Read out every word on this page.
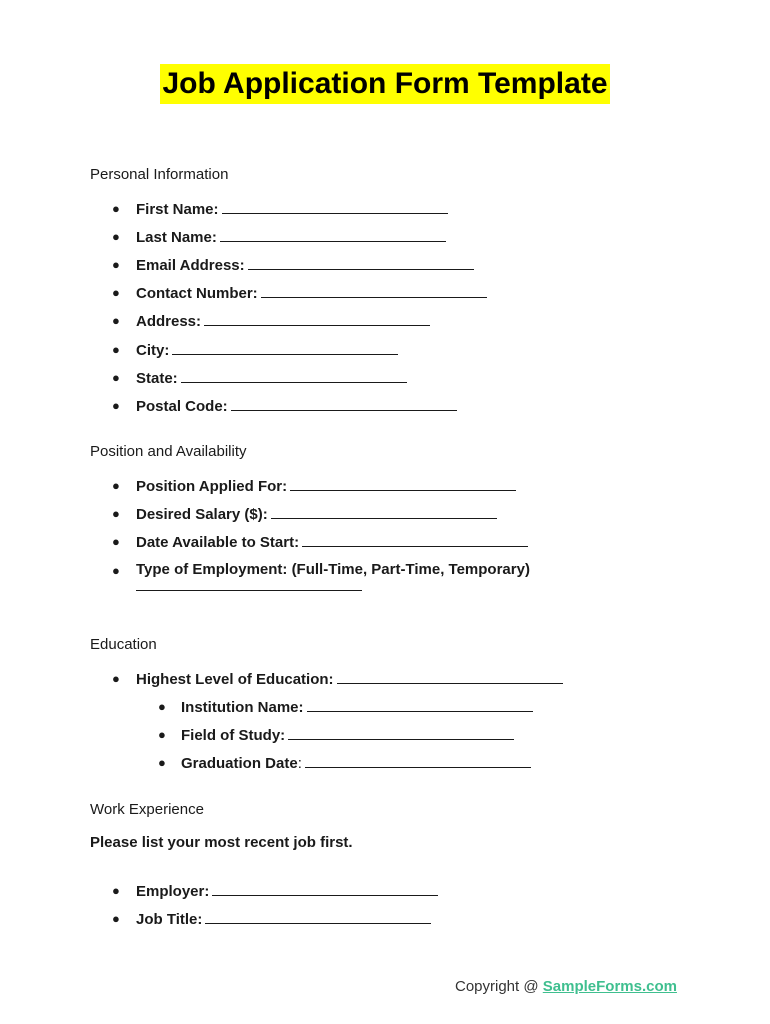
Job Application Form Template
Personal Information
First Name:
Last Name:
Email Address:
Contact Number:
Address:
City:
State:
Postal Code:
●
●
●
●
●
●
●
●
Position and Availability
Position Applied For:
Desired Salary ($):
Date Available to Start:
Type of Employment: (Full-Time, Part-Time, Temporary)
●
●
●
●
Education
Highest Level of Education:
●
Institution Name:
Field of Study:
Graduation Date:
●
●
●
Work Experience
Please list your most recent job first.
Employer:
Job Title:
●
●
Copyright @ SampleForms.com
